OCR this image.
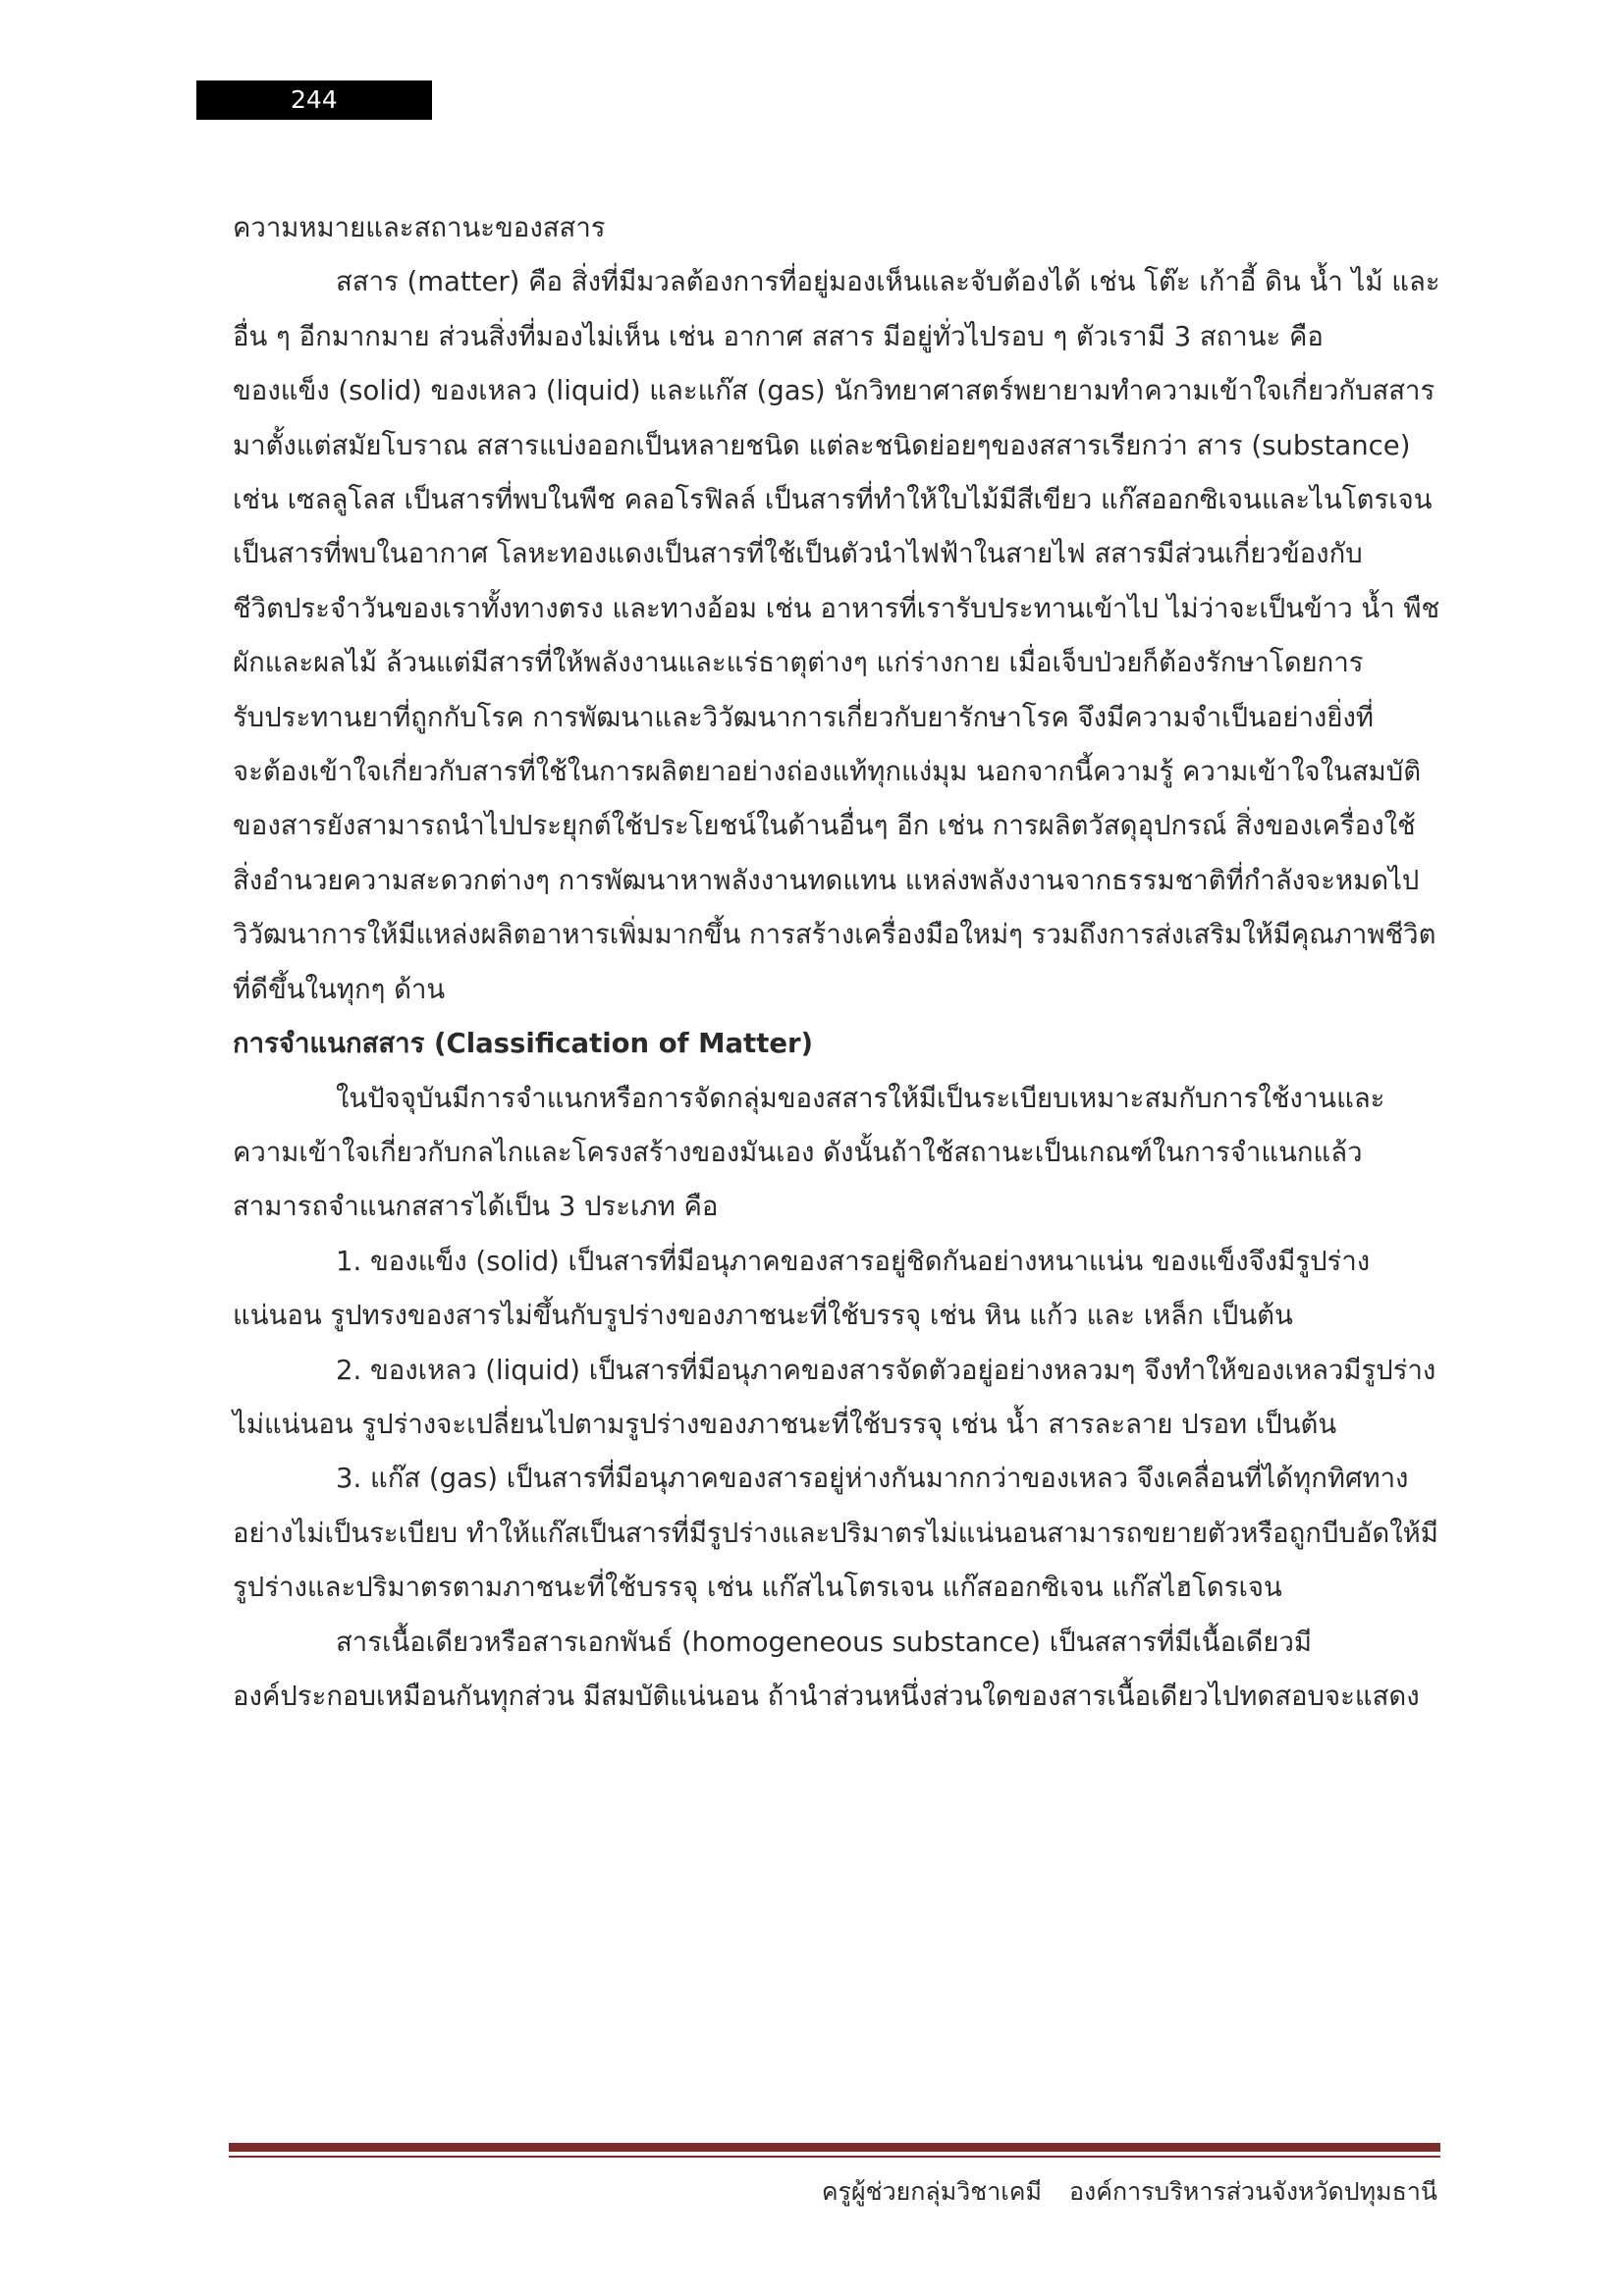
244
ความหมายและสถานะของสสาร
สสาร (matter) คือ สิ่งที่มีมวลต้องการที่อยู่มองเห็นและจับต้องได้ เช่น โต๊ะ เก้าอี้ ดิน น้ำ ไม้ และ
อื่น ๆ อีกมากมาย ส่วนสิ่งที่มองไม่เห็น เช่น อากาศ สสาร มีอยู่ทั่วไปรอบ ๆ ตัวเรามี 3 สถานะ คือ
ของแข็ง (solid) ของเหลว (liquid) และแก๊ส (gas) นักวิทยาศาสตร์พยายามทำความเข้าใจเกี่ยวกับสสาร
มาตั้งแต่สมัยโบราณ สสารแบ่งออกเป็นหลายชนิด แต่ละชนิดย่อยๆของสสารเรียกว่า สาร (substance)
เช่น เซลลูโลส เป็นสารที่พบในพืช คลอโรฟิลล์ เป็นสารที่ทำให้ใบไม้มีสีเขียว แก๊สออกซิเจนและไนโตรเจน
เป็นสารที่พบในอากาศ โลหะทองแดงเป็นสารที่ใช้เป็นตัวนำไฟฟ้าในสายไฟ สสารมีส่วนเกี่ยวข้องกับ
ชีวิตประจำวันของเราทั้งทางตรง และทางอ้อม เช่น อาหารที่เรารับประทานเข้าไป ไม่ว่าจะเป็นข้าว น้ำ พืช
ผักและผลไม้ ล้วนแต่มีสารที่ให้พลังงานและแร่ธาตุต่างๆ แก่ร่างกาย เมื่อเจ็บป่วยก็ต้องรักษาโดยการ
รับประทานยาที่ถูกกับโรค การพัฒนาและวิวัฒนาการเกี่ยวกับยารักษาโรค จึงมีความจำเป็นอย่างยิ่งที่
จะต้องเข้าใจเกี่ยวกับสารที่ใช้ในการผลิตยาอย่างถ่องแท้ทุกแง่มุม นอกจากนี้ความรู้ ความเข้าใจในสมบัติ
ของสารยังสามารถนำไปประยุกต์ใช้ประโยชน์ในด้านอื่นๆ อีก เช่น การผลิตวัสดุอุปกรณ์ สิ่งของเครื่องใช้
สิ่งอำนวยความสะดวกต่างๆ การพัฒนาหาพลังงานทดแทน แหล่งพลังงานจากธรรมชาติที่กำลังจะหมดไป
วิวัฒนาการให้มีแหล่งผลิตอาหารเพิ่มมากขึ้น การสร้างเครื่องมือใหม่ๆ รวมถึงการส่งเสริมให้มีคุณภาพชีวิต
ที่ดีขึ้นในทุกๆ ด้าน
การจำแนกสสาร (Classification of Matter)
ในปัจจุบันมีการจำแนกหรือการจัดกลุ่มของสสารให้มีเป็นระเบียบเหมาะสมกับการใช้งานและ
ความเข้าใจเกี่ยวกับกลไกและโครงสร้างของมันเอง ดังนั้นถ้าใช้สถานะเป็นเกณฑ์ในการจำแนกแล้ว
สามารถจำแนกสสารได้เป็น 3 ประเภท คือ
1. ของแข็ง (solid) เป็นสารที่มีอนุภาคของสารอยู่ชิดกันอย่างหนาแน่น ของแข็งจึงมีรูปร่าง
แน่นอน รูปทรงของสารไม่ขึ้นกับรูปร่างของภาชนะที่ใช้บรรจุ เช่น หิน แก้ว และ เหล็ก เป็นต้น
2. ของเหลว (liquid) เป็นสารที่มีอนุภาคของสารจัดตัวอยู่อย่างหลวมๆ จึงทำให้ของเหลวมีรูปร่าง
ไม่แน่นอน รูปร่างจะเปลี่ยนไปตามรูปร่างของภาชนะที่ใช้บรรจุ เช่น น้ำ สารละลาย ปรอท เป็นต้น
3. แก๊ส (gas) เป็นสารที่มีอนุภาคของสารอยู่ห่างกันมากกว่าของเหลว จึงเคลื่อนที่ได้ทุกทิศทาง
อย่างไม่เป็นระเบียบ ทำให้แก๊สเป็นสารที่มีรูปร่างและปริมาตรไม่แน่นอนสามารถขยายตัวหรือถูกบีบอัดให้มี
รูปร่างและปริมาตรตามภาชนะที่ใช้บรรจุ เช่น แก๊สไนโตรเจน แก๊สออกซิเจน แก๊สไฮโดรเจน
สารเนื้อเดียวหรือสารเอกพันธ์ (homogeneous substance) เป็นสสารที่มีเนื้อเดียวมี
องค์ประกอบเหมือนกันทุกส่วน มีสมบัติแน่นอน ถ้านำส่วนหนึ่งส่วนใดของสารเนื้อเดียวไปทดสอบจะแสดง
ครูผู้ช่วยกลุ่มวิชาเคมี องค์การบริหารส่วนจังหวัดปทุมธานี
